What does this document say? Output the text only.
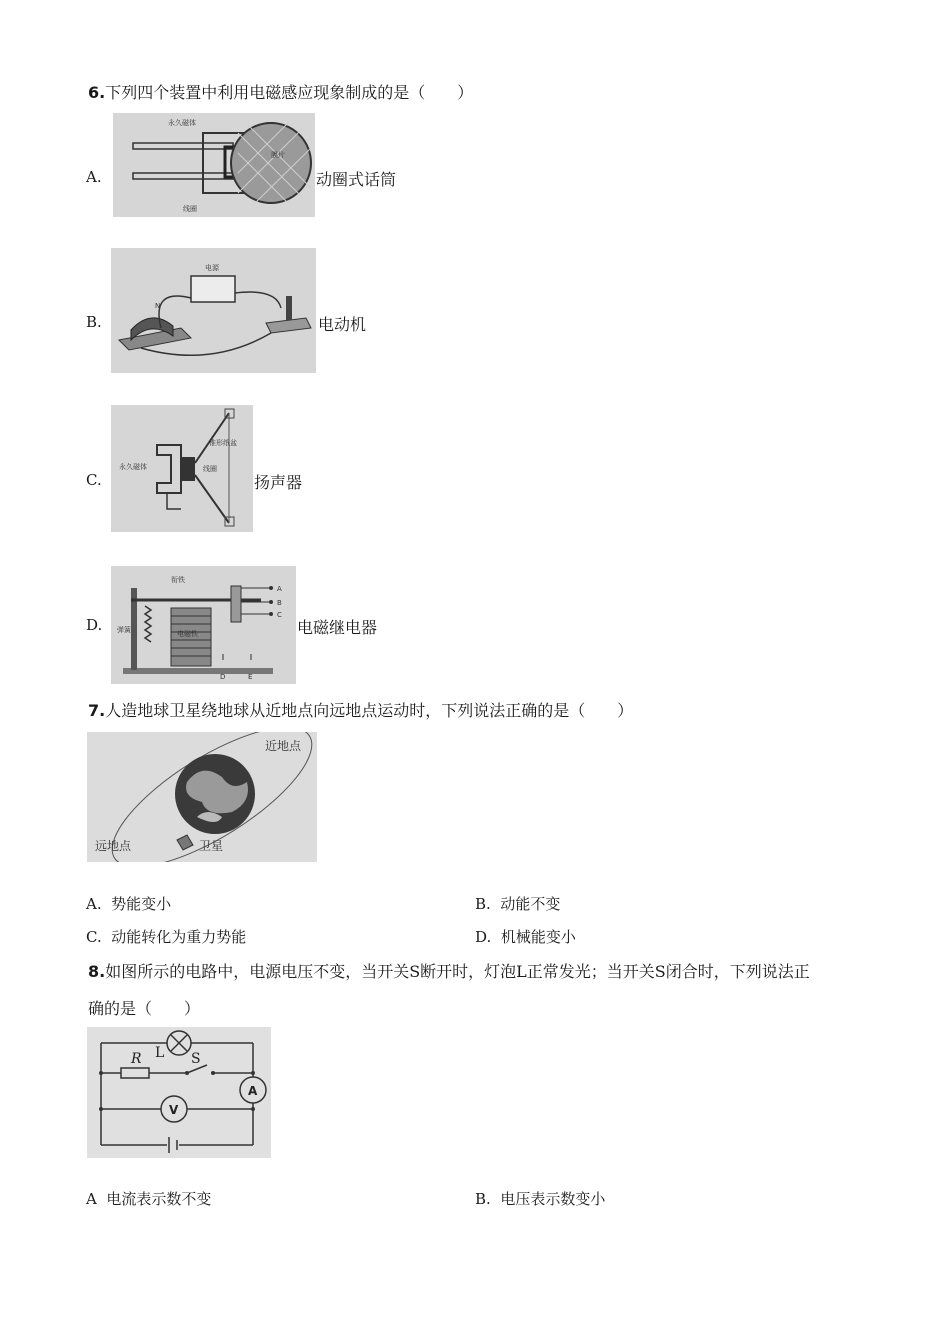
6.下列四个装置中利用电磁感应现象制成的是（　　）
A.
永久磁体
膜片
线圈
动圈式话筒
B.
电源
N
电动机
C.
永久磁体	线圈
锥形纸盆
扬声器
D.
衔铁
弹簧	电磁铁
A
B
C
D	E
电磁继电器
7.人造地球卫星绕地球从近地点向远地点运动时，下列说法正确的是（　　）
近地点
远地点	卫星
A. 势能变小	B. 动能不变
C. 动能转化为重力势能	D. 机械能变小
8.如图所示的电路中，电源电压不变，当开关S断开时，灯泡L正常发光；当开关S闭合时，下列说法正
确的是（　　）
R L S
A
V
A 电流表示数不变	B. 电压表示数变小
